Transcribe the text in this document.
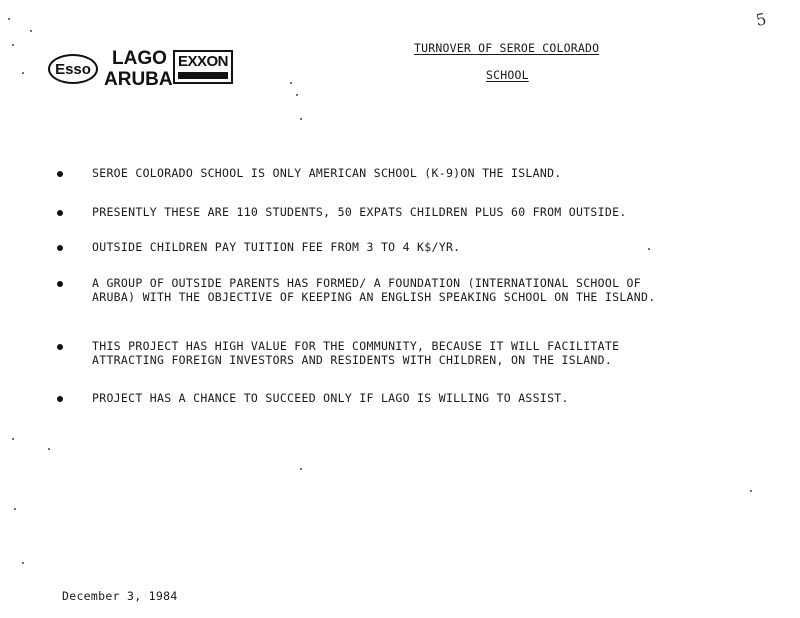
5
Esso	LAGO
ARUBA
EXXON
TURNOVER OF SEROE COLORADO
SCHOOL
SEROE COLORADO SCHOOL IS ONLY AMERICAN SCHOOL (K-9)ON THE ISLAND.
PRESENTLY THESE ARE 110 STUDENTS, 50 EXPATS CHILDREN PLUS 60 FROM OUTSIDE.
OUTSIDE CHILDREN PAY TUITION FEE FROM 3 TO 4 K$/YR.
A GROUP OF OUTSIDE PARENTS HAS FORMED/ A FOUNDATION (INTERNATIONAL SCHOOL OF ARUBA) WITH THE OBJECTIVE OF KEEPING AN ENGLISH SPEAKING SCHOOL ON THE ISLAND.
THIS PROJECT HAS HIGH VALUE FOR THE COMMUNITY, BECAUSE IT WILL FACILITATE ATTRACTING FOREIGN INVESTORS AND RESIDENTS WITH CHILDREN, ON THE ISLAND.
PROJECT HAS A CHANCE TO SUCCEED ONLY IF LAGO IS WILLING TO ASSIST.
December 3, 1984
